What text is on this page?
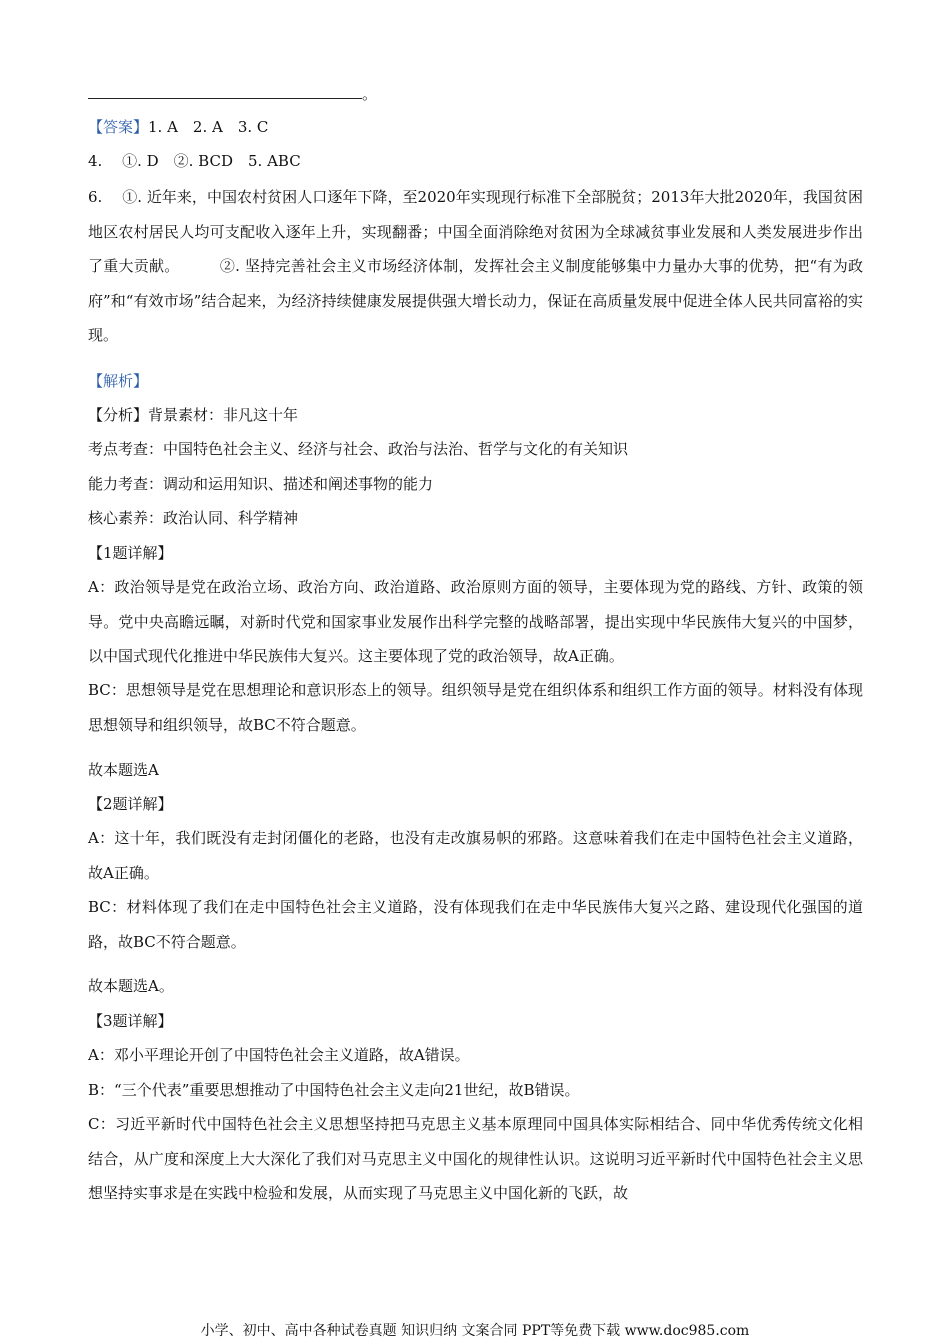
。
【答案】1. A　2. A　3. C
4.　 ①. D　②. BCD　5. ABC
6.　 ①. 近年来，中国农村贫困人口逐年下降，至2020年实现现行标准下全部脱贫；2013年大批2020年，我国贫困地区农村居民人均可支配收入逐年上升，实现翻番；中国全面消除绝对贫困为全球减贫事业发展和人类发展进步作出了重大贡献。	②. 坚持完善社会主义市场经济体制，发挥社会主义制度能够集中力量办大事的优势，把“有为政府”和“有效市场”结合起来，为经济持续健康发展提供强大增长动力，保证在高质量发展中促进全体人民共同富裕的实现。
【解析】
【分析】背景素材：非凡这十年
考点考查：中国特色社会主义、经济与社会、政治与法治、哲学与文化的有关知识
能力考查：调动和运用知识、描述和阐述事物的能力
核心素养：政治认同、科学精神
【1题详解】
A：政治领导是党在政治立场、政治方向、政治道路、政治原则方面的领导，主要体现为党的路线、方针、政策的领导。党中央高瞻远瞩，对新时代党和国家事业发展作出科学完整的战略部署，提出实现中华民族伟大复兴的中国梦，以中国式现代化推进中华民族伟大复兴。这主要体现了党的政治领导，故A正确。
BC：思想领导是党在思想理论和意识形态上的领导。组织领导是党在组织体系和组织工作方面的领导。材料没有体现思想领导和组织领导，故BC不符合题意。
故本题选A
【2题详解】
A：这十年，我们既没有走封闭僵化的老路，也没有走改旗易帜的邪路。这意味着我们在走中国特色社会主义道路，故A正确。
BC：材料体现了我们在走中国特色社会主义道路，没有体现我们在走中华民族伟大复兴之路、建设现代化强国的道路，故BC不符合题意。
故本题选A。
【3题详解】
A：邓小平理论开创了中国特色社会主义道路，故A错误。
B：“三个代表”重要思想推动了中国特色社会主义走向21世纪，故B错误。
C：习近平新时代中国特色社会主义思想坚持把马克思主义基本原理同中国具体实际相结合、同中华优秀传统文化相结合，从广度和深度上大大深化了我们对马克思主义中国化的规律性认识。这说明习近平新时代中国特色社会主义思想坚持实事求是在实践中检验和发展，从而实现了马克思主义中国化新的飞跃，故
小学、初中、高中各种试卷真题 知识归纳 文案合同 PPT等免费下载 www.doc985.com
